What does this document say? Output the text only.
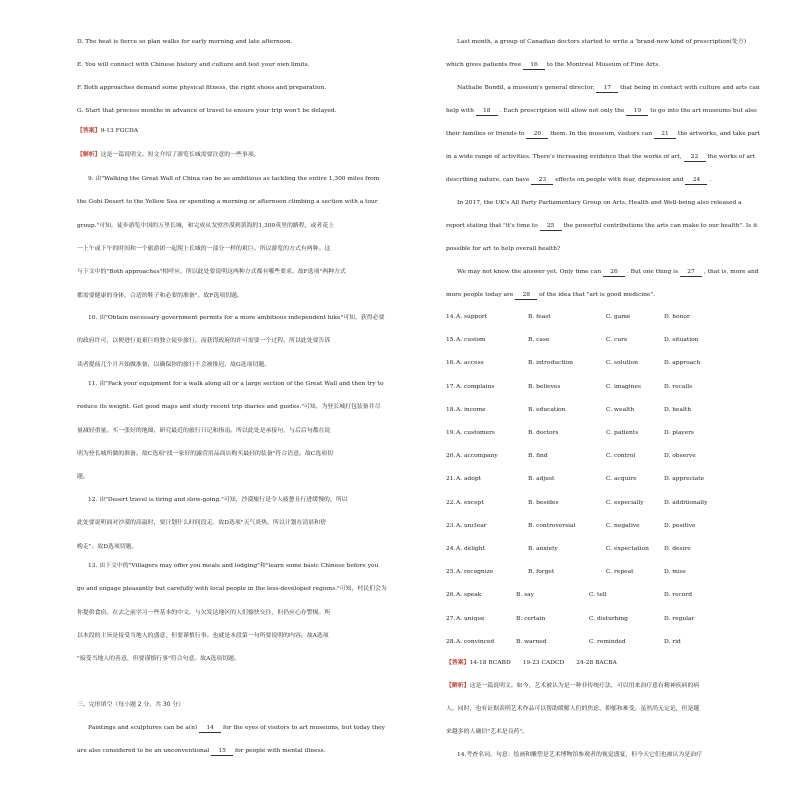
D. The heat is fierce so plan walks for early morning and late afternoon.
E. You will connect with Chinese history and culture and test your own limits.
F. Both approaches demand some physical fitness, the right shoes and preparation.
G. Start that process months in advance of travel to ensure your trip won't be delayed.
【答案】9-13 FGCDA
【解析】这是一篇说明文。短文介绍了游览长城需要注意的一些事项。
9. 由"Walking the Great Wall of China can be as ambitious as tackling the entire 1,300 miles from
the Gobi Desert to the Yellow Sea or spending a morning or afternoon climbing a section with a tour
group."可知，徒步游览中国的万里长城，和完成从戈壁沙漠到黄海的1,300英里的路程，或者花上
一上午或下午的时间和一个旅游团一起爬上长城的一部分一样的艰巨。所以游览的方式有两种。这
与下文中的"Both approaches"相呼应。所以此处要说明这两种方式都有哪些要求。故F选项"两种方式
都需要健康的身体，合适的鞋子和必要的准备"。故F选项切题。
10. 由"Obtain necessary government permits for a more ambitious independent hike"可知，获得必要
的政府许可，以便进行更艰巨的独立徒步旅行。而获得政府的许可需要一个过程。所以此处要告诉
读者提前几个月开始做准备，以确保你的旅行不会被推迟。故G选项切题。
11. 由"Pack your equipment for a walk along all or a large section of the Great Wall and then try to
reduce its weight. Get good maps and study recent trip diaries and guides."可知，为登长城打包装备并尽
量减轻重量。买一张好的地图，研究最近的旅行日记和指南。所以此处是承接句，与后后句都在说
明为登长城所做的准备。故C选项"找一家好的露营用品商店购买最轻的装备"符合语意。故C选项切
题。
12. 由"Desert travel is tiring and slow-going."可知，沙漠旅行是令人疲惫且行进缓慢的。所以
此处要说明面对沙漠的高温时，要计划什么时间段走。故D选项"天气炎热，所以计划在清晨和傍
晚走"。故D选项切题。
13. 由下文中的"Villagers may offer you meals and lodging"和"learn some basic Chinese before you
go and engage pleasantly but carefully with local people in the less-developed regions."可知，村民们会为
你提供食宿。在去之前学习一些基本的中文，与欠发达地区的人们愉快交往，但仍应心存警惕。所
以本段的主旨是接受当地人的盛意，但要谨慎行事。也就是本段第一句所要说明的内容。故A选项
"接受当地人的善意，但要谨慎行事"符合句意。故A选项切题。
三、完形填空（每小题 2 分，共 30 分）
Paintings and sculptures can be a(n) 14 for the eyes of visitors to art museums, but today they
are also considered to be an unconventional 15 for people with mental illness.
Last month, a group of Canadian doctors started to write a 'brand-new kind of prescription(处方)
which gives patients free 16 to the Montreal Museum of Fine Arts.
Nathalie Bondil, a museum's general director, 17 that being in contact with culture and arts can
help with 18 . Each prescription will allow not only the 19 to go into the art museums but also
their families or friends to 20 them. In the museum, visitors can 21 the artworks, and take part
in a wide range of activities. There's increasing evidence that the works of art, 22 the works of art
describing nature, can have 23 effects on people with fear, depression and 24 .
In 2017, the UK's All Party Parliamentary Group on Arts, Health and Well-being also released a
report stating that "it's time to 25 the powerful contributions the arts can make to our health". Is it
possible for art to help overall health?
We may not know the answer yet. Only time can 26 . But one thing is 27 , that is, more and
more people today are 28 of the idea that "art is good medicine".
14. A. support	B. feast	C. game	D. honor
15. A. custom	B. case	C. cure	D. situation
16. A. access	B. introduction	C. solution	D. approach
17. A. complains	B. believes	C. imagines	D. recalls
18. A. income	B. education	C. wealth	D. health
19. A. customers	B. doctors	C. patients	D. players
20. A. accompany	B. find	C. control	D. observe
21. A. adopt	B. adjust	C. acquire	D. appreciate
22. A. except	B. besides	C. especially	D. additionally
23. A. unclear	B. controversial	C. negative	D. positive
24. A. delight	B. anxiety	C. expectation	D. desire
25. A. recognize	B. forget	C. repeat	D. miss
26. A. speak	B. say	C. tell	D. record
27. A. unique	B. certain	C. disturbing	D. regular
28. A. convinced	B. warned	C. reminded	D. rid
【答案】14-18 BCABD 19-23 CADCD 24-28 BACBA
【解析】这是一篇说明文。如今，艺术被认为是一种非传统疗法，可以用来治疗患有精神疾病的病
人。同时，也有证据表明艺术作品可以帮助缓解人们的焦虑、抑郁和难受。虽然尚无定论，但是越
来越多的人确信"艺术是良药"。
14.考查名词。句意：绘画和雕塑是艺术博物馆参观者的视觉盛宴，但今天它们也被认为是治疗
